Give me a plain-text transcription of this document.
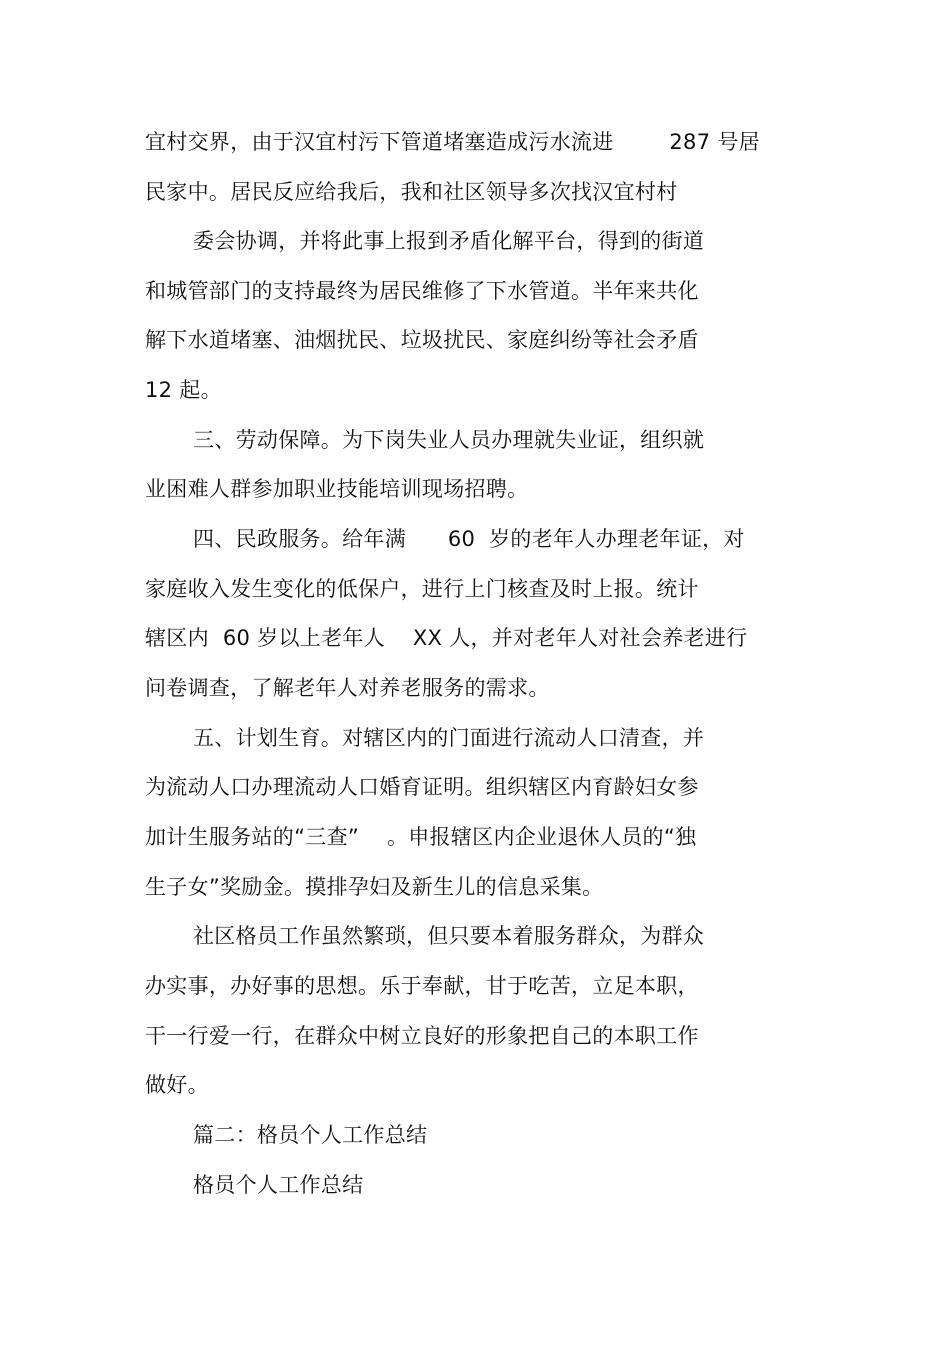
宜村交界，由于汉宜村污下管道堵塞造成污水流进        287 号居
民家中。居民反应给我后，我和社区领导多次找汉宜村村
委会协调，并将此事上报到矛盾化解平台，得到的街道
和城管部门的支持最终为居民维修了下水管道。半年来共化
解下水道堵塞、油烟扰民、垃圾扰民、家庭纠纷等社会矛盾
12 起。
三、劳动保障。为下岗失业人员办理就失业证，组织就
业困难人群参加职业技能培训现场招聘。
四、民政服务。给年满      60  岁的老年人办理老年证，对
家庭收入发生变化的低保户，进行上门核查及时上报。统计
辖区内  60 岁以上老年人    XX 人，并对老年人对社会养老进行
问卷调查，了解老年人对养老服务的需求。
五、计划生育。对辖区内的门面进行流动人口清查，并
为流动人口办理流动人口婚育证明。组织辖区内育龄妇女参
加计生服务站的“三查”    。申报辖区内企业退休人员的“独
生子女”奖励金。摸排孕妇及新生儿的信息采集。
社区格员工作虽然繁琐，但只要本着服务群众，为群众
办实事，办好事的思想。乐于奉献，甘于吃苦，立足本职，
干一行爱一行，在群众中树立良好的形象把自己的本职工作
做好。
篇二：格员个人工作总结
格员个人工作总结
